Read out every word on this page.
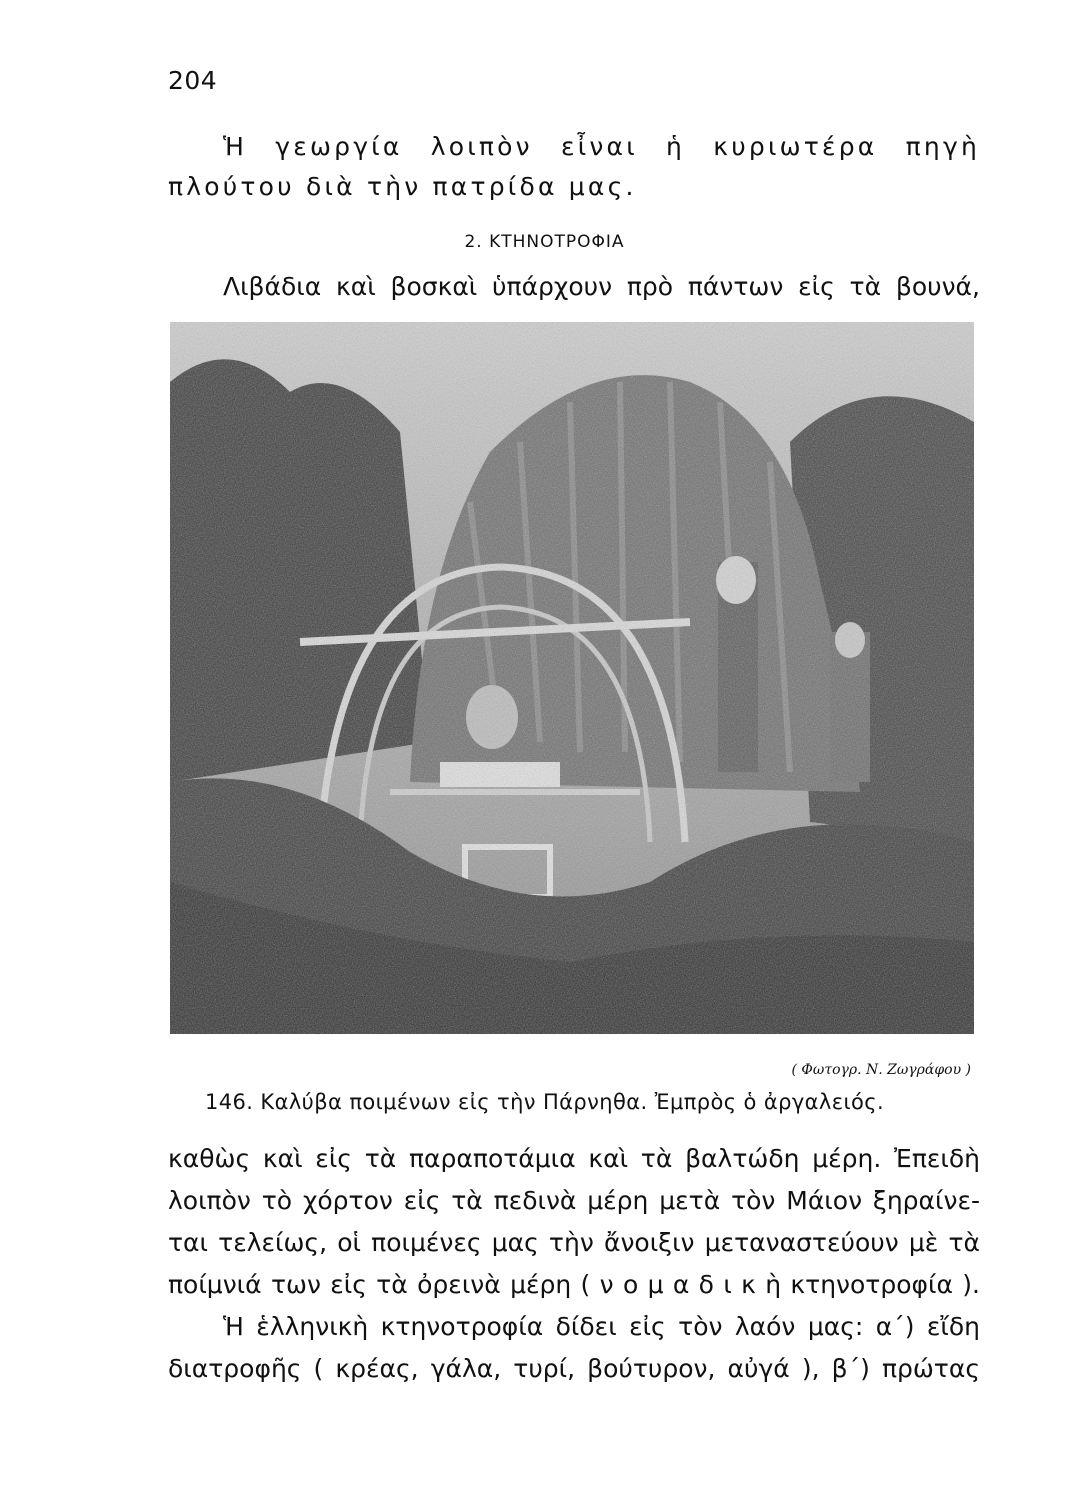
204
Ἡ γεωργία λοιπὸν εἶναι ἡ κυριωτέρα πηγὴ
πλούτου διὰ τὴν πατρίδα μας.
2. ΚΤΗΝΟΤΡΟΦΙΑ
Λιβάδια καὶ βοσκαὶ ὑπάρχουν πρὸ πάντων εἰς τὰ βουνά,
( Φωτογρ. Ν. Ζωγράφου )
146. Καλύβα ποιμένων εἰς τὴν Πάρνηθα. Ἐμπρὸς ὁ ἀργαλειός.
καθὼς καὶ εἰς τὰ παραποτάμια καὶ τὰ βαλτώδη μέρη. Ἐπειδὴ
λοιπὸν τὸ χόρτον εἰς τὰ πεδινὰ μέρη μετὰ τὸν Μάιον ξηραίνε-
ται τελείως, οἱ ποιμένες μας τὴν ἄνοιξιν μεταναστεύουν μὲ τὰ
ποίμνιά των εἰς τὰ ὀρεινὰ μέρη ( ν ο μ α δ ι κ ὴ κτηνοτροφία ).
Ἡ ἑλληνικὴ κτηνοτροφία δίδει εἰς τὸν λαόν μας: α΄) εἴδη
διατροφῆς ( κρέας, γάλα, τυρί, βούτυρον, αὐγά ), β΄) πρώτας
